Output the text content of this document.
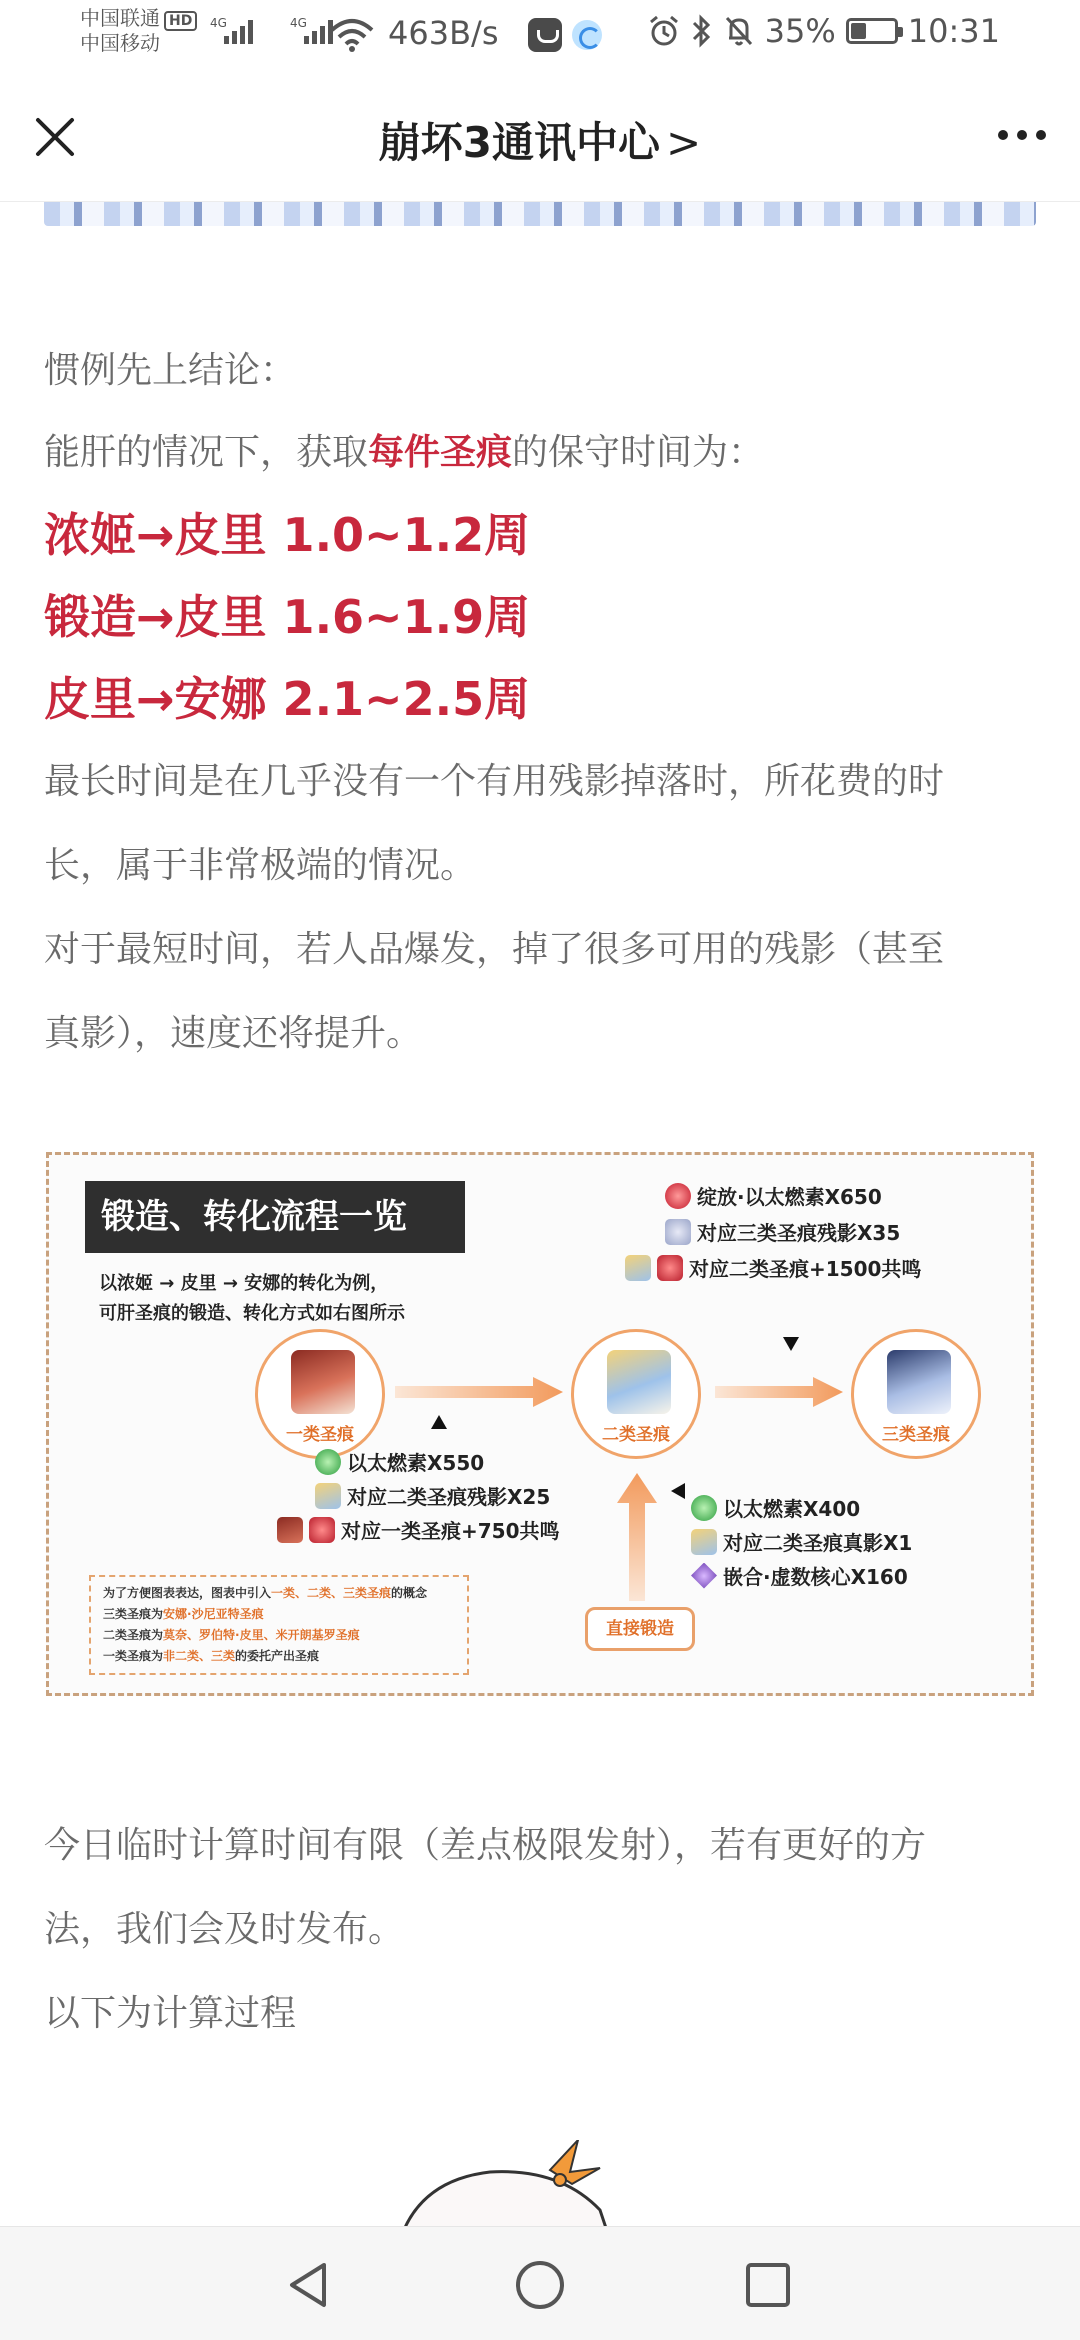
中国联通 HD
中国移动
4G	4G	463B/s	35% 10:31
崩坏3通讯中心 >
惯例先上结论：
能肝的情况下，获取每件圣痕的保守时间为：
浓姬→皮里 1.0~1.2周
锻造→皮里 1.6~1.9周
皮里→安娜 2.1~2.5周
最长时间是在几乎没有一个有用残影掉落时，所花费的时
长，属于非常极端的情况。
对于最短时间，若人品爆发，掉了很多可用的残影（甚至
真影），速度还将提升。
锻造、转化流程一览
以浓姬 → 皮里 → 安娜的转化为例，
可肝圣痕的锻造、转化方式如右图所示
一类圣痕	二类圣痕	三类圣痕
绽放·以太燃素X650
对应三类圣痕残影X35
对应二类圣痕+1500共鸣
以太燃素X550
对应二类圣痕残影X25
对应一类圣痕+750共鸣
以太燃素X400
对应二类圣痕真影X1
嵌合·虚数核心X160
为了方便图表表达，图表中引入一类、二类、三类圣痕的概念
三类圣痕为安娜·沙尼亚特圣痕
二类圣痕为莫奈、罗伯特·皮里、米开朗基罗圣痕
一类圣痕为非二类、三类的委托产出圣痕
直接锻造
今日临时计算时间有限（差点极限发射），若有更好的方
法，我们会及时发布。
以下为计算过程
